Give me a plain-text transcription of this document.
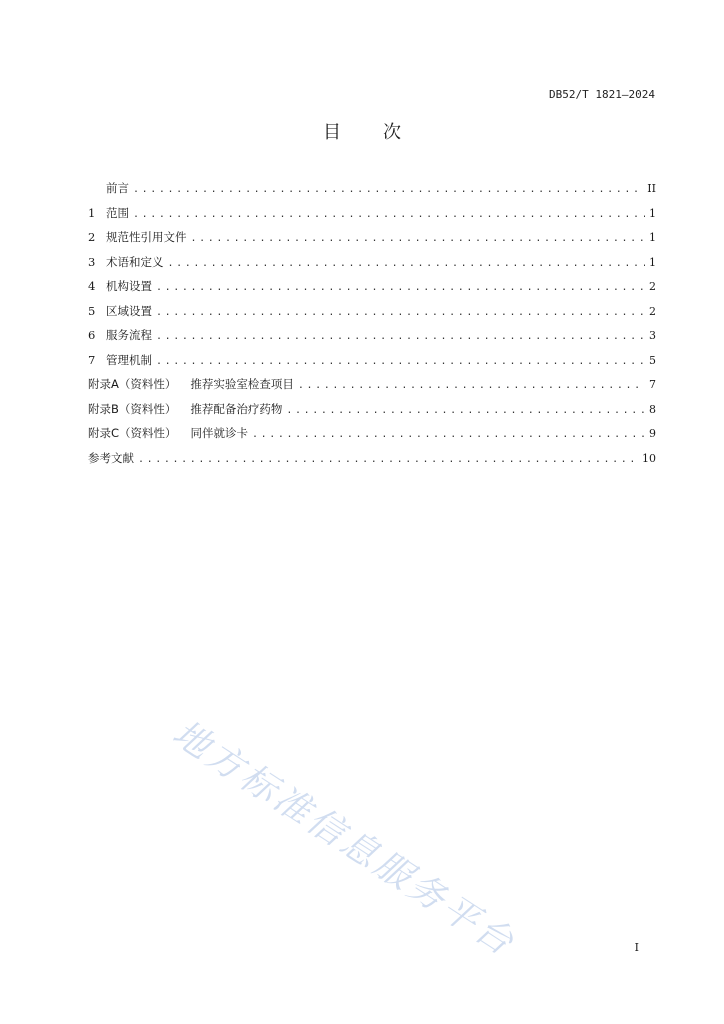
DB52/T 1821—2024
目 次
前言 .....	II
1 范围 .....	1
2 规范性引用文件 .....	1
3 术语和定义 .....	1
4 机构设置 .....	2
5 区域设置 .....	2
6 服务流程 .....	3
7 管理机制 .....	5
附录A（资料性） 推荐实验室检查项目 .....	7
附录B（资料性） 推荐配备治疗药物 .....	8
附录C（资料性） 同伴就诊卡 .....	9
参考文献 .....	10
地方标准信息服务平台	I
